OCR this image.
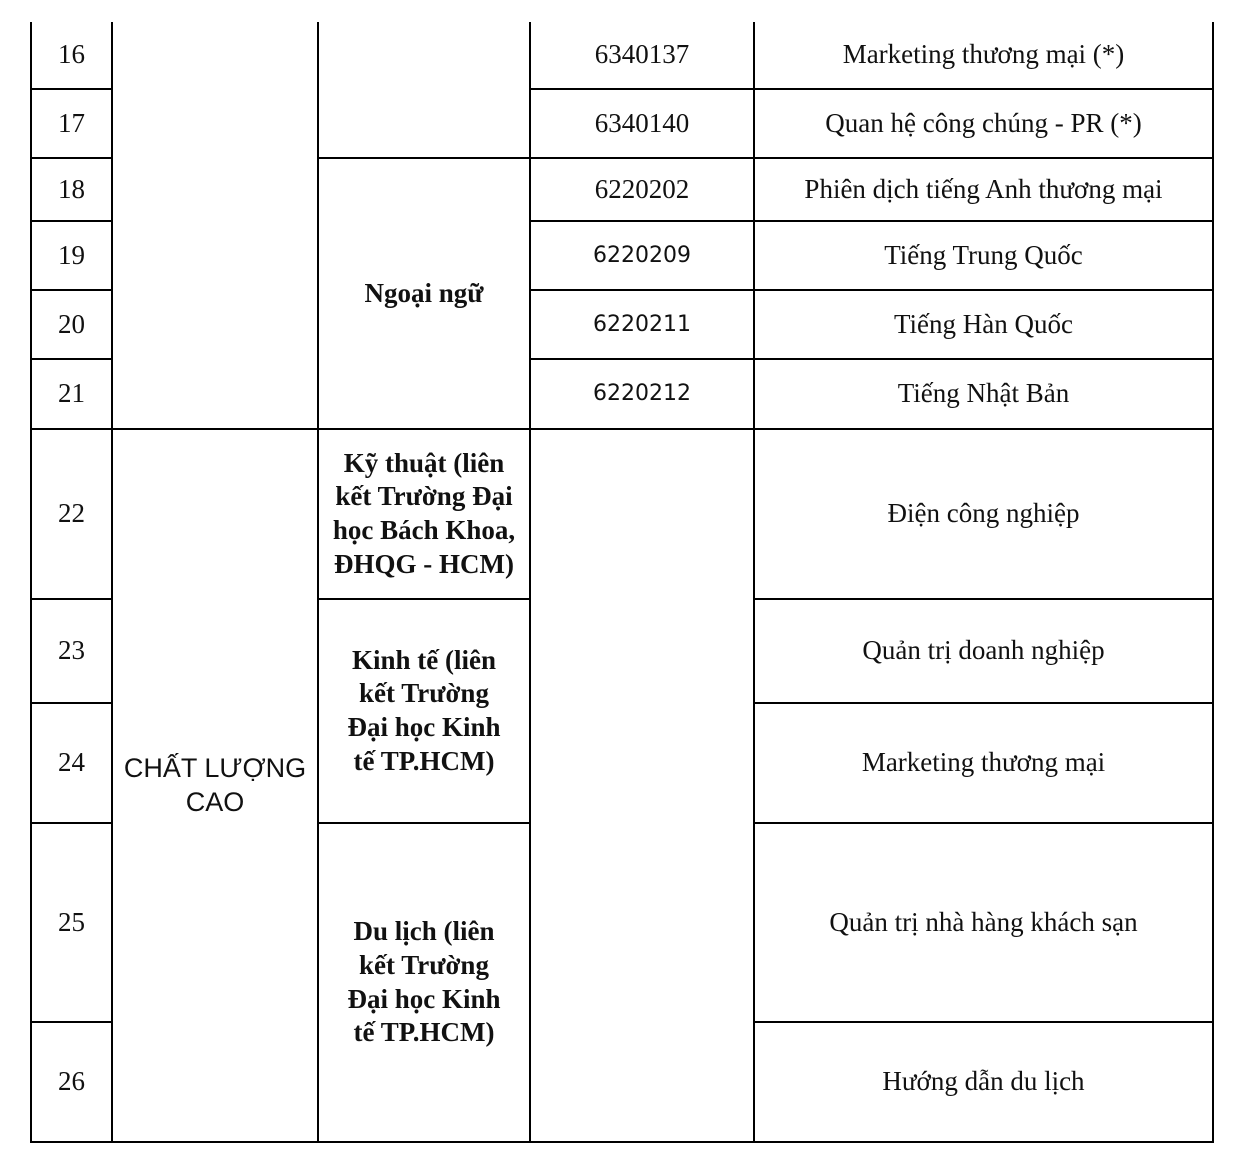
16			6340137	Marketing thương mại (*)
17			6340140	Quan hệ công chúng - PR (*)
18		Ngoại ngữ	6220202	Phiên dịch tiếng Anh thương mại
19			6220209	Tiếng Trung Quốc
20			6220211	Tiếng Hàn Quốc
21			6220212	Tiếng Nhật Bản
22	CHẤT LƯỢNG CAO	Kỹ thuật (liên kết Trường Đại học Bách Khoa, ĐHQG - HCM)		Điện công nghiệp
23		Kinh tế (liên kết Trường Đại học Kinh tế TP.HCM)		Quản trị doanh nghiệp
24				Marketing thương mại
25		Du lịch (liên kết Trường Đại học Kinh tế TP.HCM)		Quản trị nhà hàng khách sạn
26				Hướng dẫn du lịch
